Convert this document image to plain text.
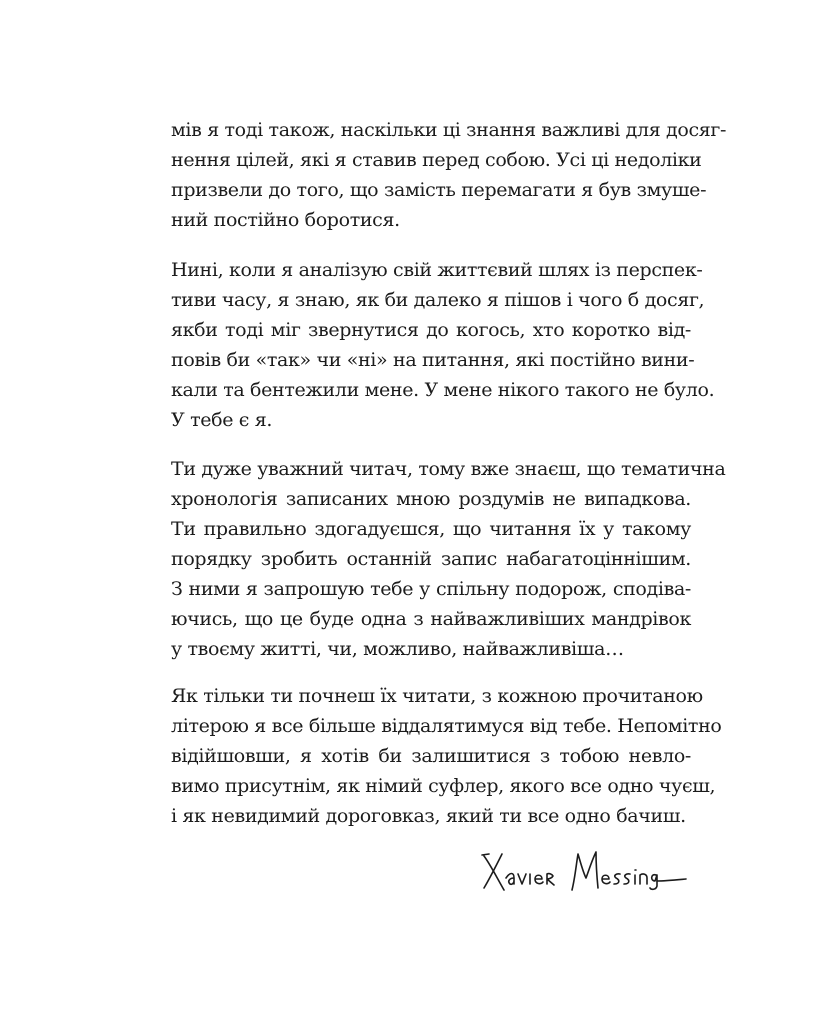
мів я тоді також, наскільки ці знання важливі для досяг-
нення цілей, які я ставив перед собою. Усі ці недоліки
призвели до того, що замість перемагати я був змуше-
ний постійно боротися.
Нині, коли я аналізую свій життєвий шлях із перспек-
тиви часу, я знаю, як би далеко я пішов і чого б досяг,
якби тоді міг звернутися до когось, хто коротко від-
повів би «так» чи «ні» на питання, які постійно вини-
кали та бентежили мене. У мене нікого такого не було.
У тебе є я.
Ти дуже уважний читач, тому вже знаєш, що тематична
хронологія записаних мною роздумів не випадкова.
Ти правильно здогадуєшся, що читання їх у такому
порядку зробить останній запис набагатоціннішим.
З ними я запрошую тебе у спільну подорож, сподіва-
ючись, що це буде одна з найважливіших мандрівок
у твоєму житті, чи, можливо, найважливіша…
Як тільки ти почнеш їх читати, з кожною прочитаною
літерою я все більше віддалятимуся від тебе. Непомітно
відійшовши, я хотів би залишитися з тобою невло-
вимо присутнім, як німий суфлер, якого все одно чуєш,
і як невидимий дороговказ, який ти все одно бачиш.
